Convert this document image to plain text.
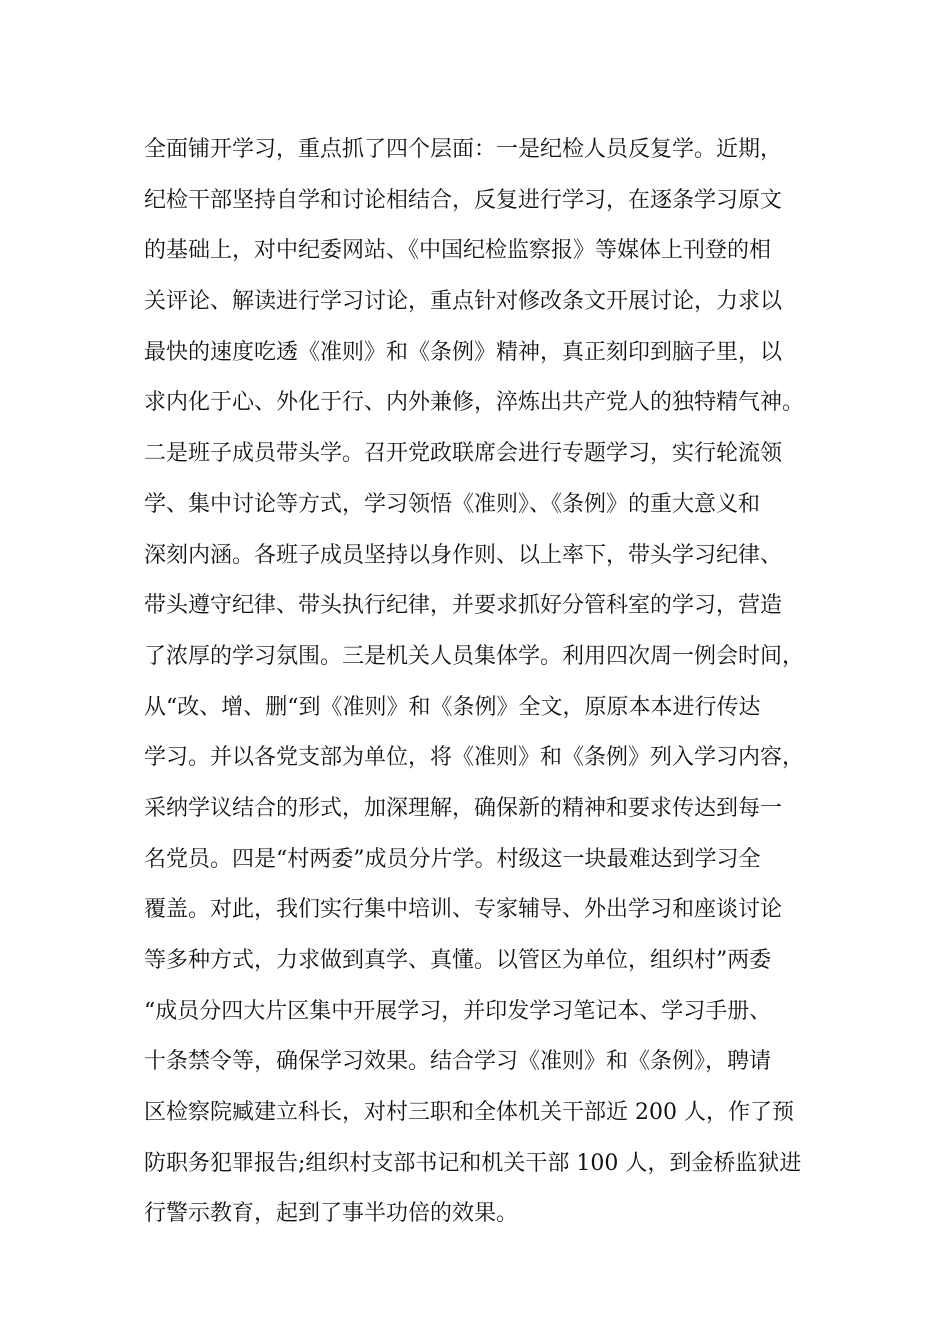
全面铺开学习，重点抓了四个层面：一是纪检人员反复学。近期，
纪检干部坚持自学和讨论相结合，反复进行学习，在逐条学习原文
的基础上，对中纪委网站、《中国纪检监察报》等媒体上刊登的相
关评论、解读进行学习讨论，重点针对修改条文开展讨论，力求以
最快的速度吃透《准则》和《条例》精神，真正刻印到脑子里，以
求内化于心、外化于行、内外兼修，淬炼出共产党人的独特精气神。
二是班子成员带头学。召开党政联席会进行专题学习，实行轮流领
学、集中讨论等方式，学习领悟《准则》、《条例》的重大意义和
深刻内涵。各班子成员坚持以身作则、以上率下，带头学习纪律、
带头遵守纪律、带头执行纪律，并要求抓好分管科室的学习，营造
了浓厚的学习氛围。三是机关人员集体学。利用四次周一例会时间，
从“改、增、删“到《准则》和《条例》全文，原原本本进行传达
学习。并以各党支部为单位，将《准则》和《条例》列入学习内容，
采纳学议结合的形式，加深理解，确保新的精神和要求传达到每一
名党员。四是“村两委”成员分片学。村级这一块最难达到学习全
覆盖。对此，我们实行集中培训、专家辅导、外出学习和座谈讨论
等多种方式，力求做到真学、真懂。以管区为单位，组织村”两委
“成员分四大片区集中开展学习，并印发学习笔记本、学习手册、
十条禁令等，确保学习效果。结合学习《准则》和《条例》，聘请
区检察院臧建立科长，对村三职和全体机关干部近 200 人，作了预
防职务犯罪报告;组织村支部书记和机关干部 100 人，到金桥监狱进
行警示教育，起到了事半功倍的效果。
